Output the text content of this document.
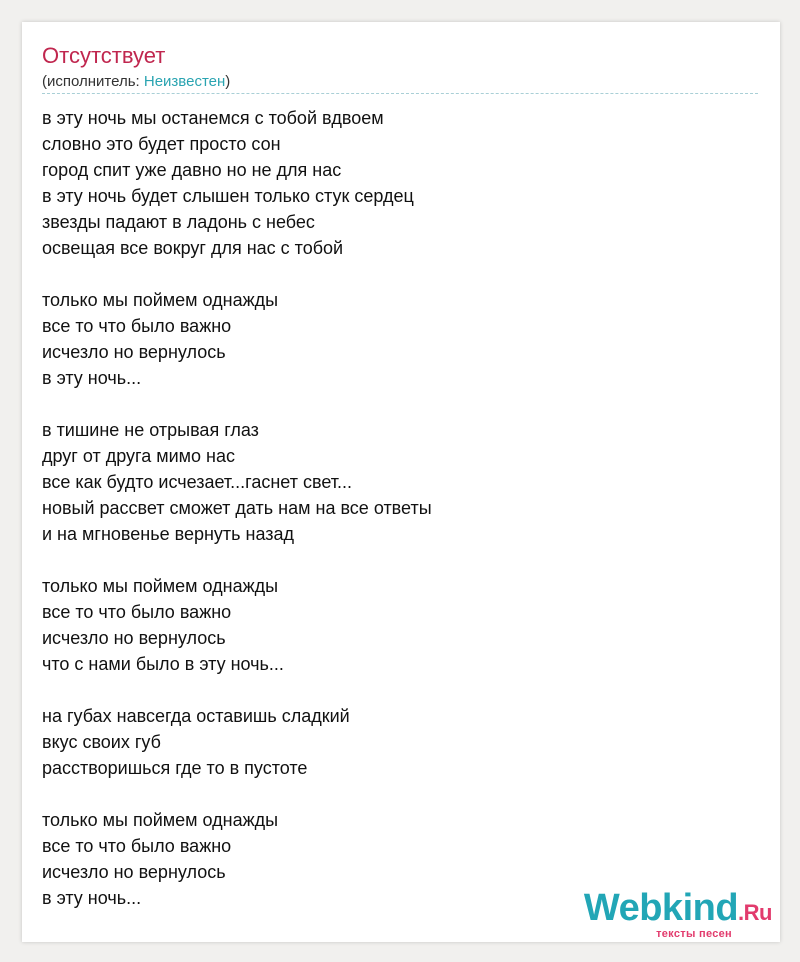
Отсутствует
(исполнитель: Неизвестен)
в эту ночь мы останемся с тобой вдвоем
словно это будет просто сон
город спит уже давно но не для нас
в эту ночь будет слышен только стук сердец
звезды падают в ладонь с небес
освещая все вокруг для нас с тобой
только мы поймем однажды
все то что было важно
исчезло но вернулось
в эту ночь...
в тишине не отрывая глаз
друг от друга мимо нас
все как будто исчезает...гаснет свет...
новый рассвет сможет дать нам на все ответы
и на мгновенье вернуть назад
только мы поймем однажды
все то что было важно
исчезло но вернулось
что с нами было в эту ночь...
на губах навсегда оставишь сладкий
вкус своих губ
расстворишься где то в пустоте
только мы поймем однажды
все то что было важно
исчезло но вернулось
в эту ночь...	Webkind.Ru
тексты песен
